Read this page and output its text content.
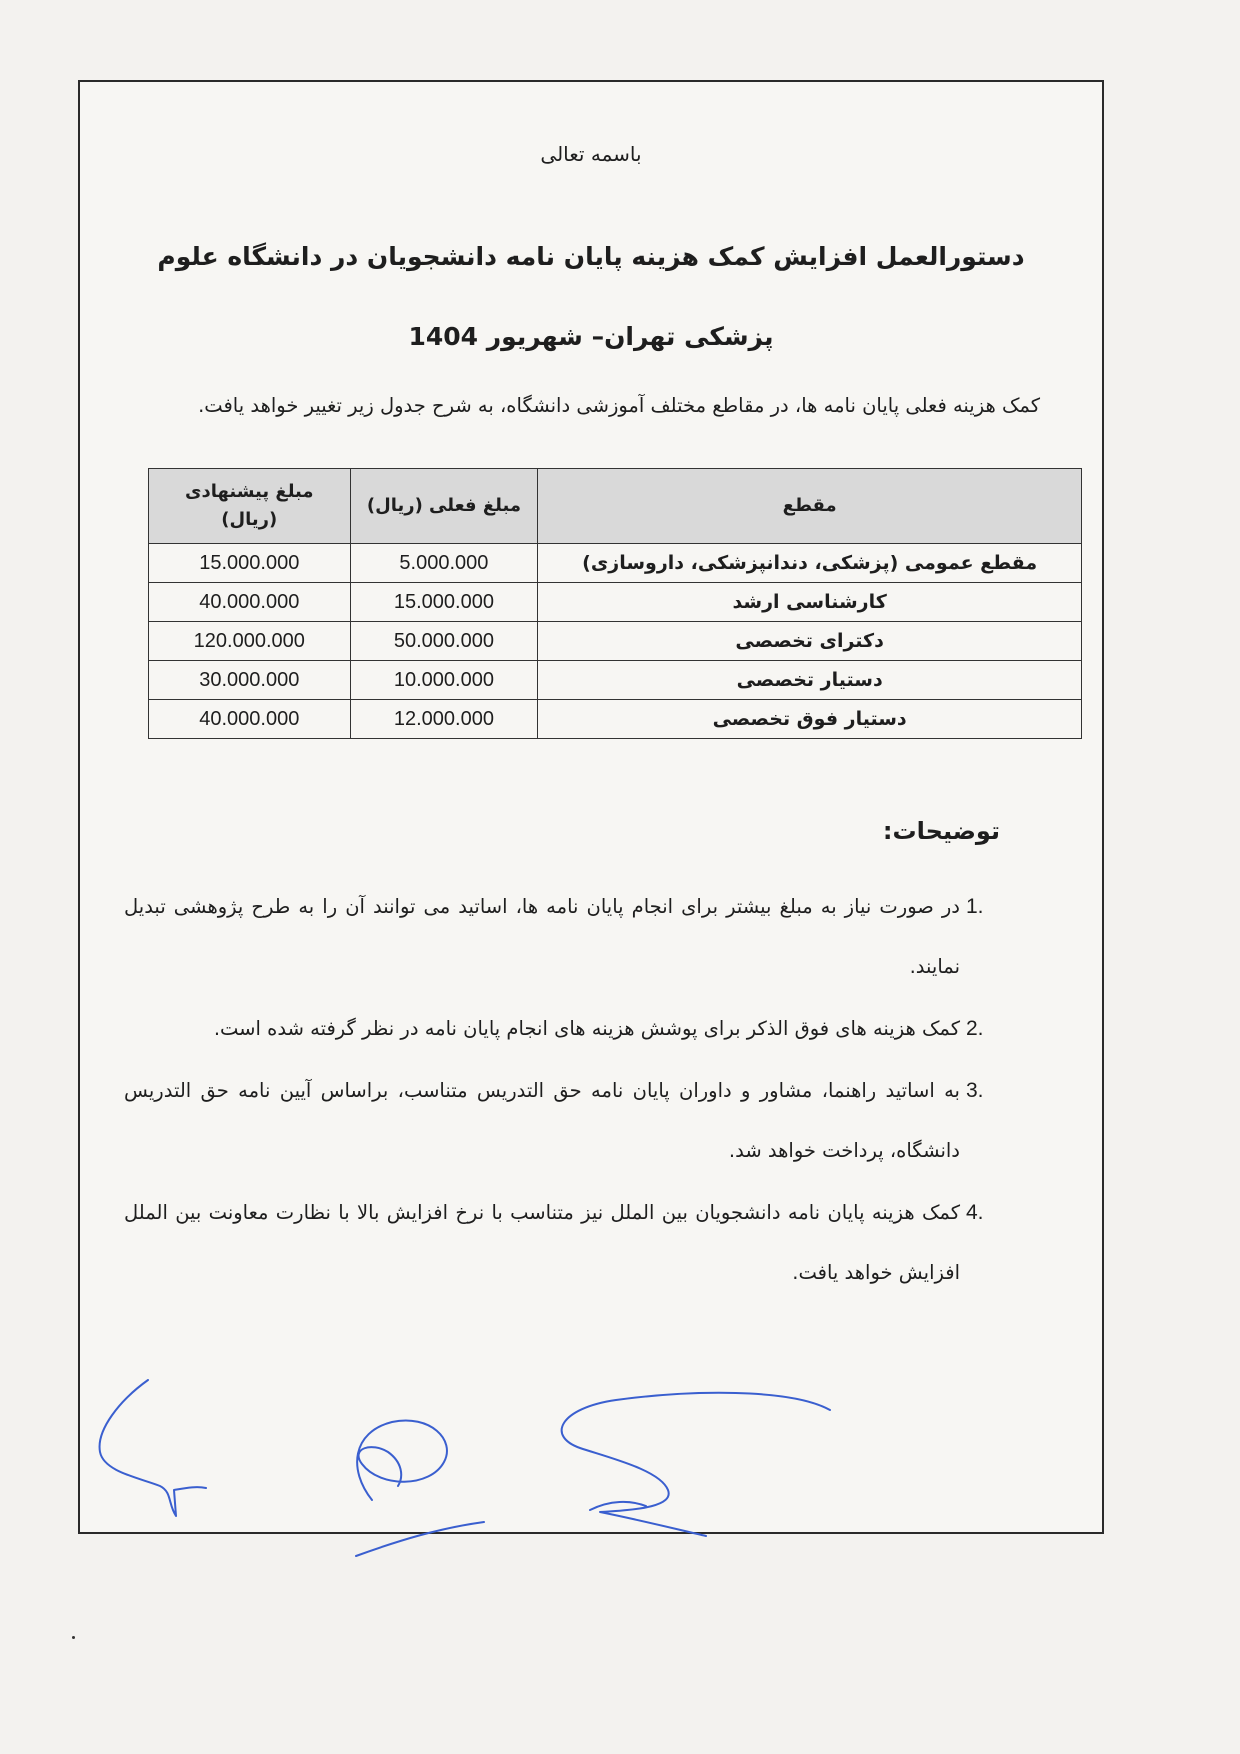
باسمه تعالی

دستورالعمل افزایش کمک هزینه پایان نامه دانشجویان در دانشگاه علوم پزشکی تهران– شهریور 1404

کمک هزینه فعلی پایان نامه ها، در مقاطع مختلف آموزشی دانشگاه، به شرح جدول زیر تغییر خواهد یافت.

مقطع	مبلغ فعلی (ریال)	مبلغ پیشنهادی (ریال)
مقطع عمومی (پزشکی، دندانپزشکی، داروسازی)	5.000.000	15.000.000
کارشناسی ارشد	15.000.000	40.000.000
دکترای تخصصی	50.000.000	120.000.000
دستیار تخصصی	10.000.000	30.000.000
دستیار فوق تخصصی	12.000.000	40.000.000
توضیحات:
1.
در صورت نیاز به مبلغ بیشتر برای انجام پایان نامه ها، اساتید می توانند آن را به طرح پژوهشی تبدیل نمایند.
2.
کمک هزینه های فوق الذکر برای پوشش هزینه های انجام پایان نامه در نظر گرفته شده است.
3.
به اساتید راهنما، مشاور و داوران پایان نامه حق التدریس متناسب، براساس آیین نامه حق التدریس دانشگاه، پرداخت خواهد شد.
4.
کمک هزینه پایان نامه دانشجویان بین الملل نیز متناسب با نرخ افزایش بالا با نظارت معاونت بین الملل افزایش خواهد یافت.
